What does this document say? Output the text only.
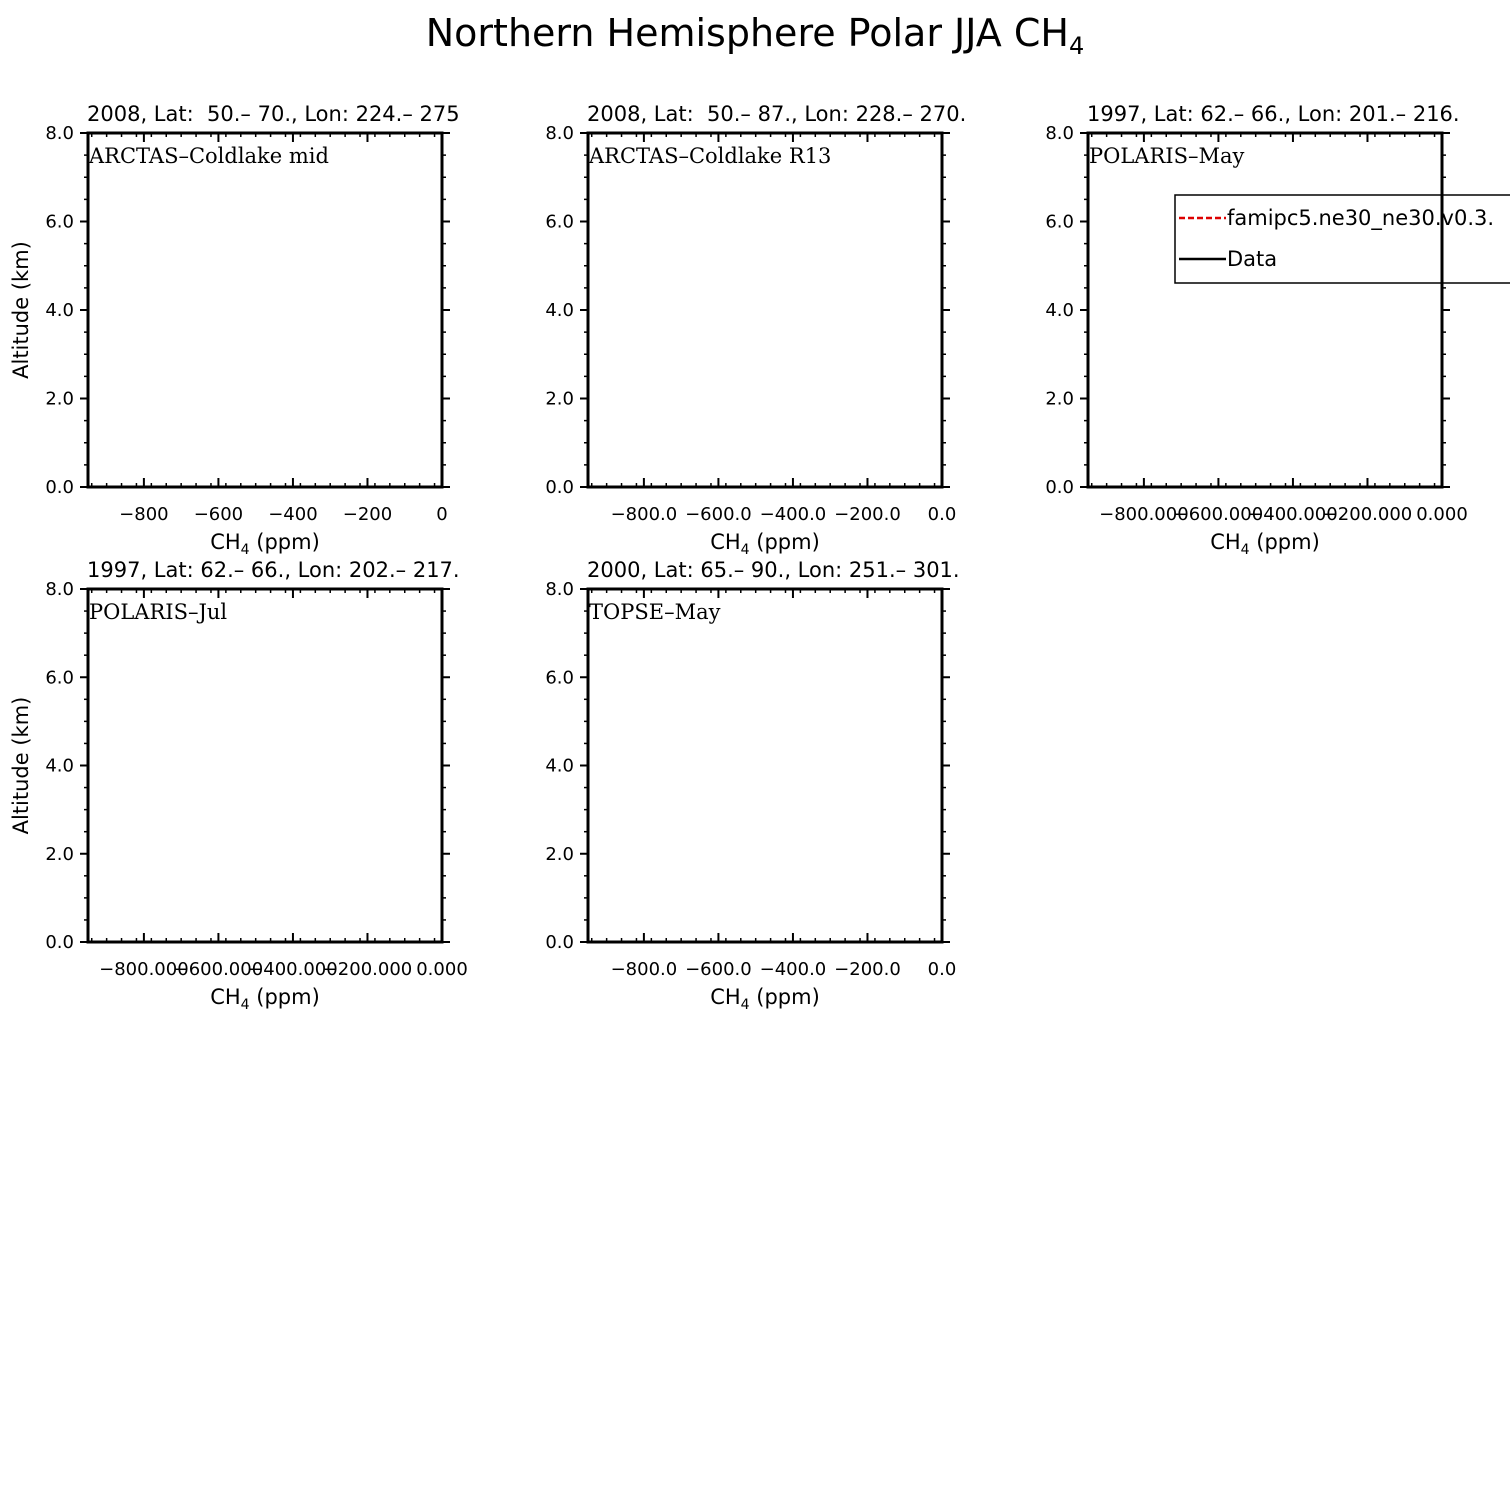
Northern Hemisphere Polar JJA $CH_4$
0.0
2.0
4.0
6.0
8.0
−800 −600 −400 −200 0
2008, Lat:  50.– 70., Lon: 224.– 275
ARCTAS–Coldlake mid
$CH_4$ (ppm)
Altitude (km)
0.0
2.0
4.0
6.0
8.0
−800.0 −600.0 −400.0 −200.0 0.0
2008, Lat:  50.– 87., Lon: 228.– 270.
ARCTAS–Coldlake R13
$CH_4$ (ppm)
0.0
2.0
4.0
6.0
8.0
−800.000
−600.000
−400.000
−200.000 0.000
1997, Lat: 62.– 66., Lon: 201.– 216.
POLARIS–May
$CH_4$ (ppm)
famipc5.ne30_ne30.v0.3.
Data
0.0
2.0
4.0
6.0
8.0
−800.000
−600.000
−400.000
−200.000 0.000
1997, Lat: 62.– 66., Lon: 202.– 217.
POLARIS–Jul
$CH_4$ (ppm)
Altitude (km)
0.0
2.0
4.0
6.0
8.0
−800.0 −600.0 −400.0 −200.0 0.0
2000, Lat: 65.– 90., Lon: 251.– 301.
TOPSE–May
$CH_4$ (ppm)
